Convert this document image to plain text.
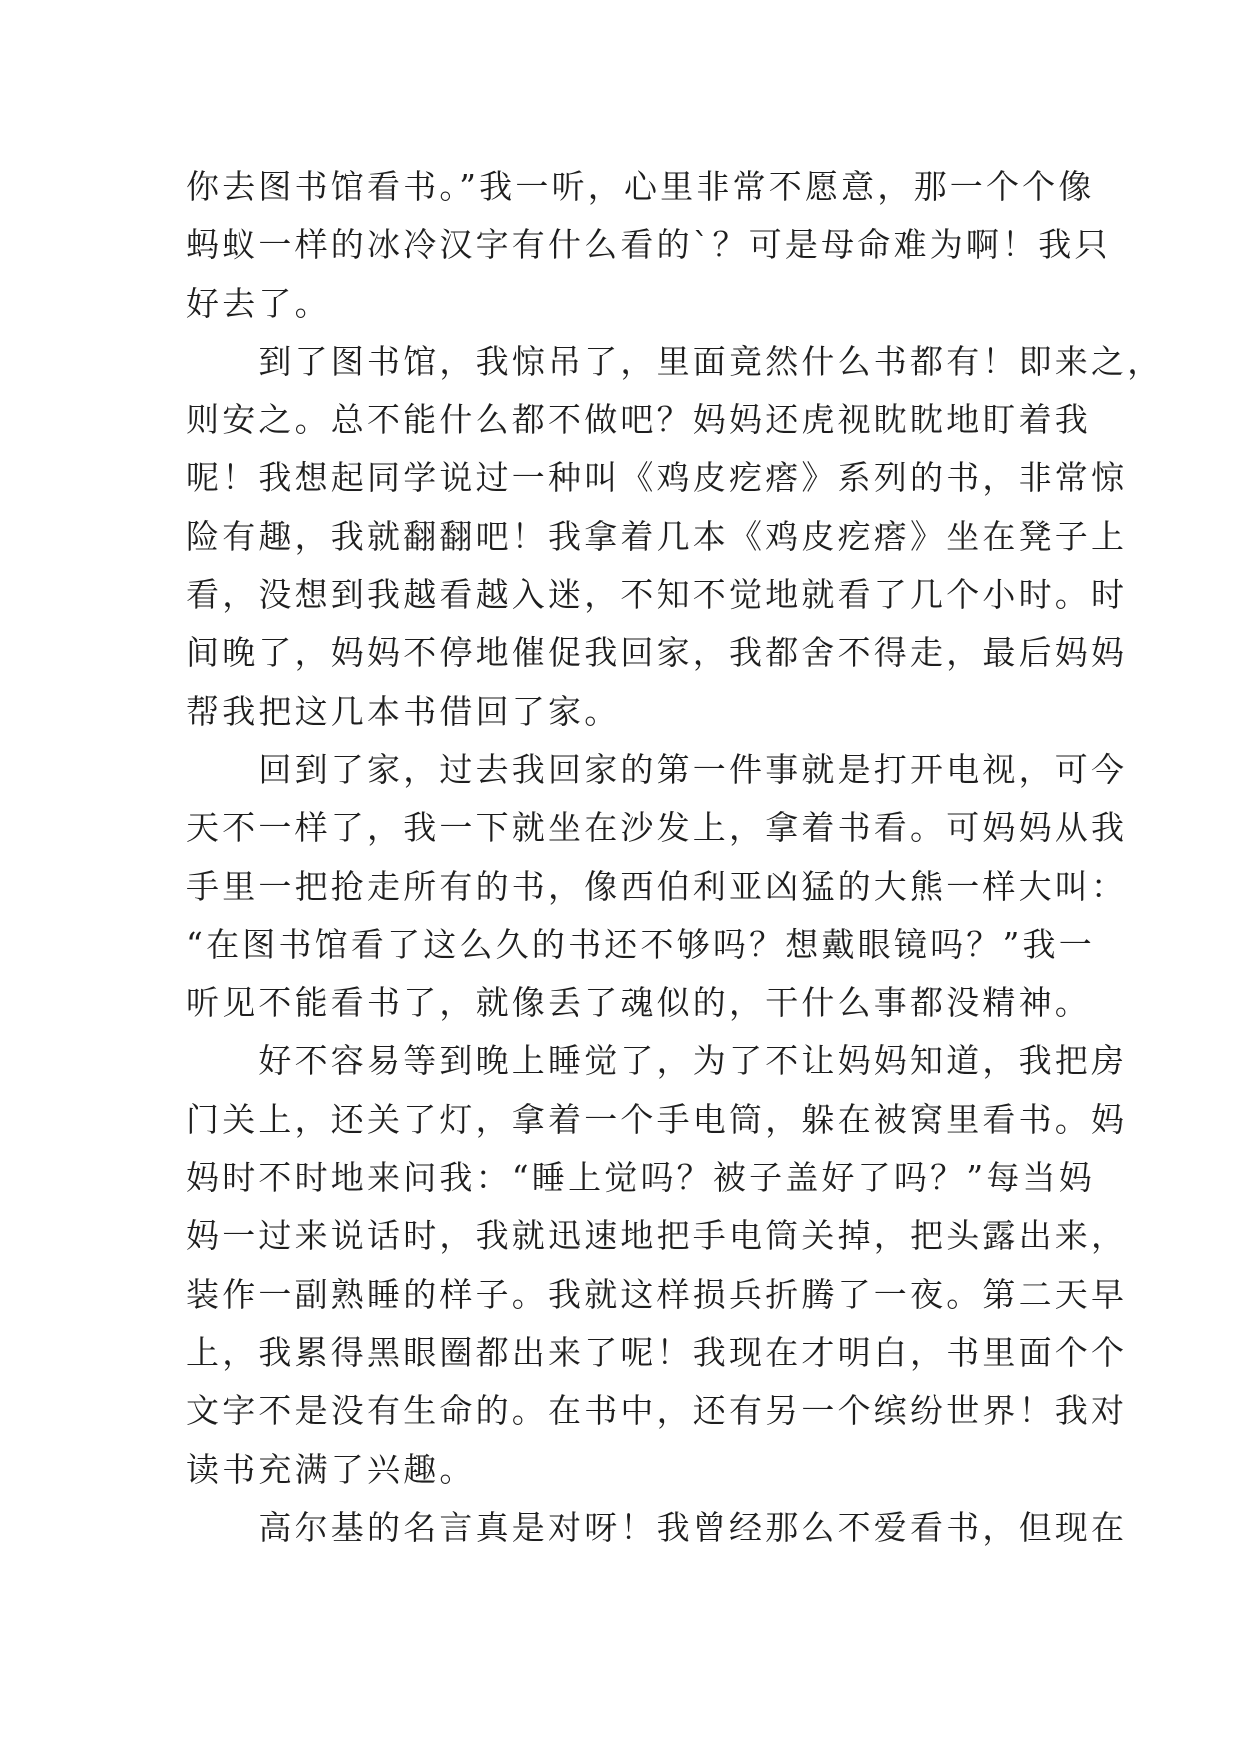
你去图书馆看书。”我一听，心里非常不愿意，那一个个像
蚂蚁一样的冰冷汉字有什么看的`？可是母命难为啊！我只
好去了。
　　到了图书馆，我惊吊了，里面竟然什么书都有！即来之，
则安之。总不能什么都不做吧？妈妈还虎视眈眈地盯着我
呢！我想起同学说过一种叫《鸡皮疙瘩》系列的书，非常惊
险有趣，我就翻翻吧！我拿着几本《鸡皮疙瘩》坐在凳子上
看，没想到我越看越入迷，不知不觉地就看了几个小时。时
间晚了，妈妈不停地催促我回家，我都舍不得走，最后妈妈
帮我把这几本书借回了家。
　　回到了家，过去我回家的第一件事就是打开电视，可今
天不一样了，我一下就坐在沙发上，拿着书看。可妈妈从我
手里一把抢走所有的书，像西伯利亚凶猛的大熊一样大叫：
“在图书馆看了这么久的书还不够吗？想戴眼镜吗？”我一
听见不能看书了，就像丢了魂似的，干什么事都没精神。
　　好不容易等到晚上睡觉了，为了不让妈妈知道，我把房
门关上，还关了灯，拿着一个手电筒，躲在被窝里看书。妈
妈时不时地来问我：“睡上觉吗？被子盖好了吗？”每当妈
妈一过来说话时，我就迅速地把手电筒关掉，把头露出来，
装作一副熟睡的样子。我就这样损兵折腾了一夜。第二天早
上，我累得黑眼圈都出来了呢！我现在才明白，书里面个个
文字不是没有生命的。在书中，还有另一个缤纷世界！我对
读书充满了兴趣。
　　高尔基的名言真是对呀！我曾经那么不爱看书，但现在
